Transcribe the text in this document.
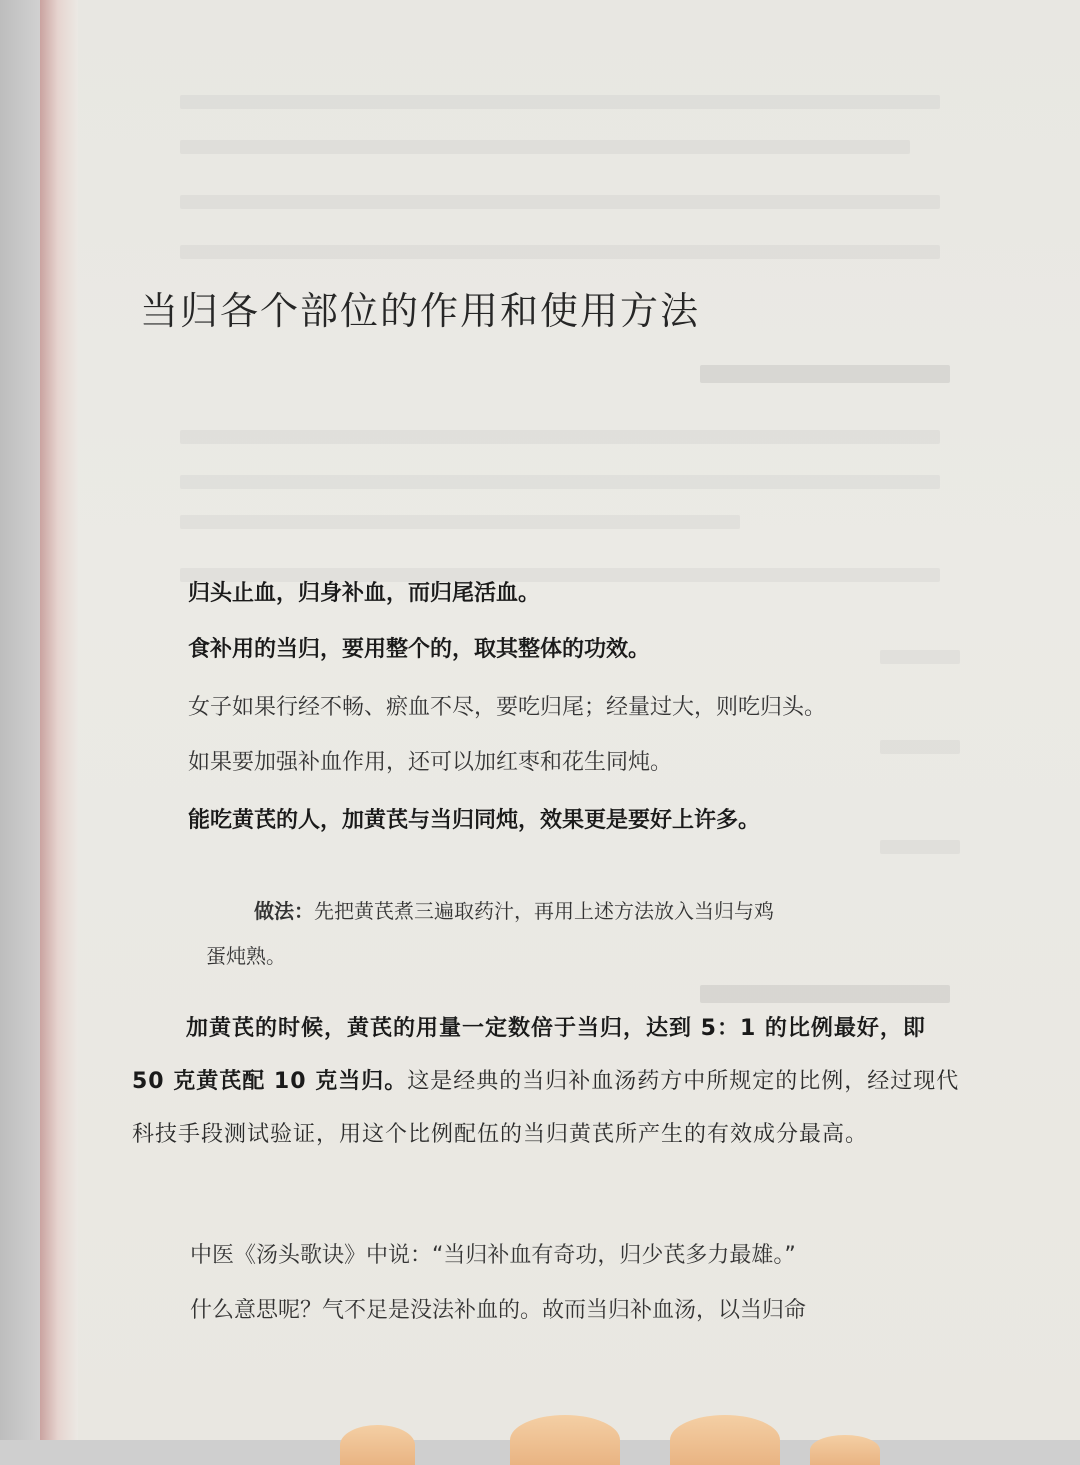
当归各个部位的作用和使用方法

归头止血，归身补血，而归尾活血。

食补用的当归，要用整个的，取其整体的功效。

女子如果行经不畅、瘀血不尽，要吃归尾；经量过大，则吃归头。

如果要加强补血作用，还可以加红枣和花生同炖。

能吃黄芪的人，加黄芪与当归同炖，效果更是要好上许多。

做法：先把黄芪煮三遍取药汁，再用上述方法放入当归与鸡

蛋炖熟。

加黄芪的时候，黄芪的用量一定数倍于当归，达到 5：1 的比例最好，即 50 克黄芪配 10 克当归。这是经典的当归补血汤药方中所规定的比例，经过现代科技手段测试验证，用这个比例配伍的当归黄芪所产生的有效成分最高。

中医《汤头歌诀》中说：“当归补血有奇功，归少芪多力最雄。”

什么意思呢？气不足是没法补血的。故而当归补血汤，以当归命
